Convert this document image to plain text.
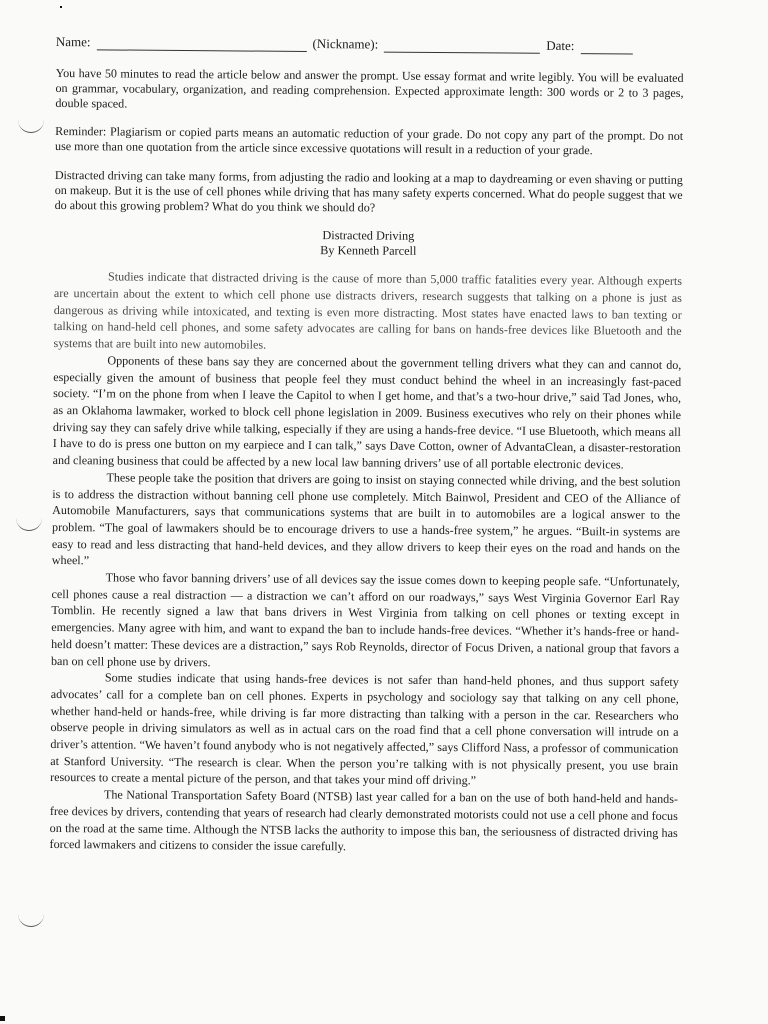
Name:	(Nickname):	Date:

You have 50 minutes to read the article below and answer the prompt. Use essay format and write legibly. You will be evaluated on grammar, vocabulary, organization, and reading comprehension. Expected approximate length: 300 words or 2 to 3 pages, double spaced.

Reminder: Plagiarism or copied parts means an automatic reduction of your grade. Do not copy any part of the prompt. Do not use more than one quotation from the article since excessive quotations will result in a reduction of your grade.

Distracted driving can take many forms, from adjusting the radio and looking at a map to daydreaming or even shaving or putting on makeup. But it is the use of cell phones while driving that has many safety experts concerned. What do people suggest that we do about this growing problem? What do you think we should do?

Distracted Driving
By Kenneth Parcell

Studies indicate that distracted driving is the cause of more than 5,000 traffic fatalities every year. Although experts are uncertain about the extent to which cell phone use distracts drivers, research suggests that talking on a phone is just as dangerous as driving while intoxicated, and texting is even more distracting. Most states have enacted laws to ban texting or talking on hand-held cell phones, and some safety advocates are calling for bans on hands-free devices like Bluetooth and the systems that are built into new automobiles.

Opponents of these bans say they are concerned about the government telling drivers what they can and cannot do, especially given the amount of business that people feel they must conduct behind the wheel in an increasingly fast-paced society. “I’m on the phone from when I leave the Capitol to when I get home, and that’s a two-hour drive,” said Tad Jones, who, as an Oklahoma lawmaker, worked to block cell phone legislation in 2009. Business executives who rely on their phones while driving say they can safely drive while talking, especially if they are using a hands-free device. “I use Bluetooth, which means all I have to do is press one button on my earpiece and I can talk,” says Dave Cotton, owner of AdvantaClean, a disaster-restoration and cleaning business that could be affected by a new local law banning drivers’ use of all portable electronic devices.

These people take the position that drivers are going to insist on staying connected while driving, and the best solution is to address the distraction without banning cell phone use completely. Mitch Bainwol, President and CEO of the Alliance of Automobile Manufacturers, says that communications systems that are built in to automobiles are a logical answer to the problem. “The goal of lawmakers should be to encourage drivers to use a hands-free system,” he argues. “Built-in systems are easy to read and less distracting that hand-held devices, and they allow drivers to keep their eyes on the road and hands on the wheel.”

Those who favor banning drivers’ use of all devices say the issue comes down to keeping people safe. “Unfortunately, cell phones cause a real distraction — a distraction we can’t afford on our roadways,” says West Virginia Governor Earl Ray Tomblin. He recently signed a law that bans drivers in West Virginia from talking on cell phones or texting except in emergencies. Many agree with him, and want to expand the ban to include hands-free devices. “Whether it’s hands-free or hand-held doesn’t matter: These devices are a distraction,” says Rob Reynolds, director of Focus Driven, a national group that favors a ban on cell phone use by drivers.

Some studies indicate that using hands-free devices is not safer than hand-held phones, and thus support safety advocates’ call for a complete ban on cell phones. Experts in psychology and sociology say that talking on any cell phone, whether hand-held or hands-free, while driving is far more distracting than talking with a person in the car. Researchers who observe people in driving simulators as well as in actual cars on the road find that a cell phone conversation will intrude on a driver’s attention. “We haven’t found anybody who is not negatively affected,” says Clifford Nass, a professor of communication at Stanford University. “The research is clear. When the person you’re talking with is not physically present, you use brain resources to create a mental picture of the person, and that takes your mind off driving.”

The National Transportation Safety Board (NTSB) last year called for a ban on the use of both hand-held and hands-free devices by drivers, contending that years of research had clearly demonstrated motorists could not use a cell phone and focus on the road at the same time. Although the NTSB lacks the authority to impose this ban, the seriousness of distracted driving has forced lawmakers and citizens to consider the issue carefully.
